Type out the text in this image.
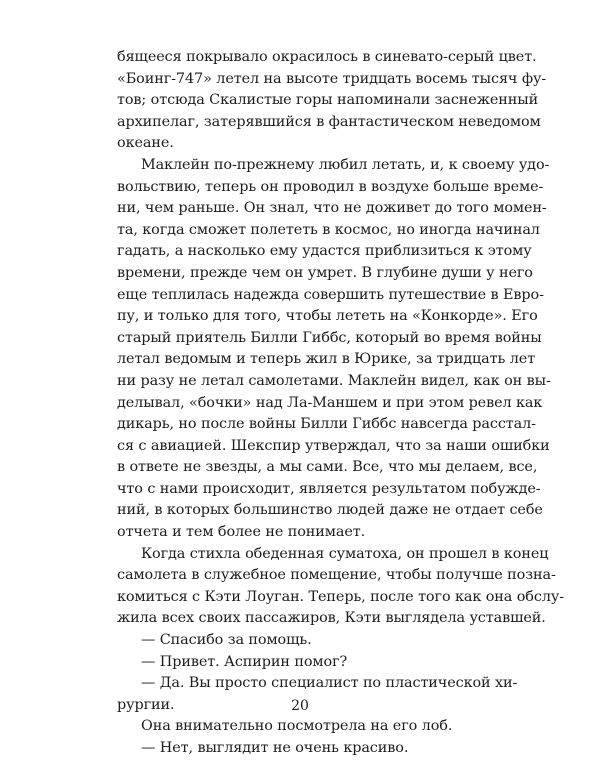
бящееся покрывало окрасилось в синевато-серый цвет.
«Боинг-747» летел на высоте тридцать восемь тысяч фу-
тов; отсюда Скалистые горы напоминали заснеженный
архипелаг, затерявшийся в фантастическом неведомом
океане.
Маклейн по-прежнему любил летать, и, к своему удо-
вольствию, теперь он проводил в воздухе больше време-
ни, чем раньше. Он знал, что не доживет до того момен-
та, когда сможет полететь в космос, но иногда начинал
гадать, а насколько ему удастся приблизиться к этому
времени, прежде чем он умрет. В глубине души у него
еще теплилась надежда совершить путешествие в Евро-
пу, и только для того, чтобы лететь на «Конкорде». Его
старый приятель Билли Гиббс, который во время войны
летал ведомым и теперь жил в Юрике, за тридцать лет
ни разу не летал самолетами. Маклейн видел, как он вы-
делывал, «бочки» над Ла-Маншем и при этом ревел как
дикарь, но после войны Билли Гиббс навсегда расстал-
ся с авиацией. Шекспир утверждал, что за наши ошибки
в ответе не звезды, а мы сами. Все, что мы делаем, все,
что с нами происходит, является результатом побужде-
ний, в которых большинство людей даже не отдает себе
отчета и тем более не понимает.
Когда стихла обеденная суматоха, он прошел в конец
самолета в служебное помещение, чтобы получше позна-
комиться с Кэти Лоуган. Теперь, после того как она обслу-
жила всех своих пассажиров, Кэти выглядела уставшей.
— Спасибо за помощь.
— Привет. Аспирин помог?
— Да. Вы просто специалист по пластической хи-
рургии.
Она внимательно посмотрела на его лоб.
— Нет, выглядит не очень красиво.
20
